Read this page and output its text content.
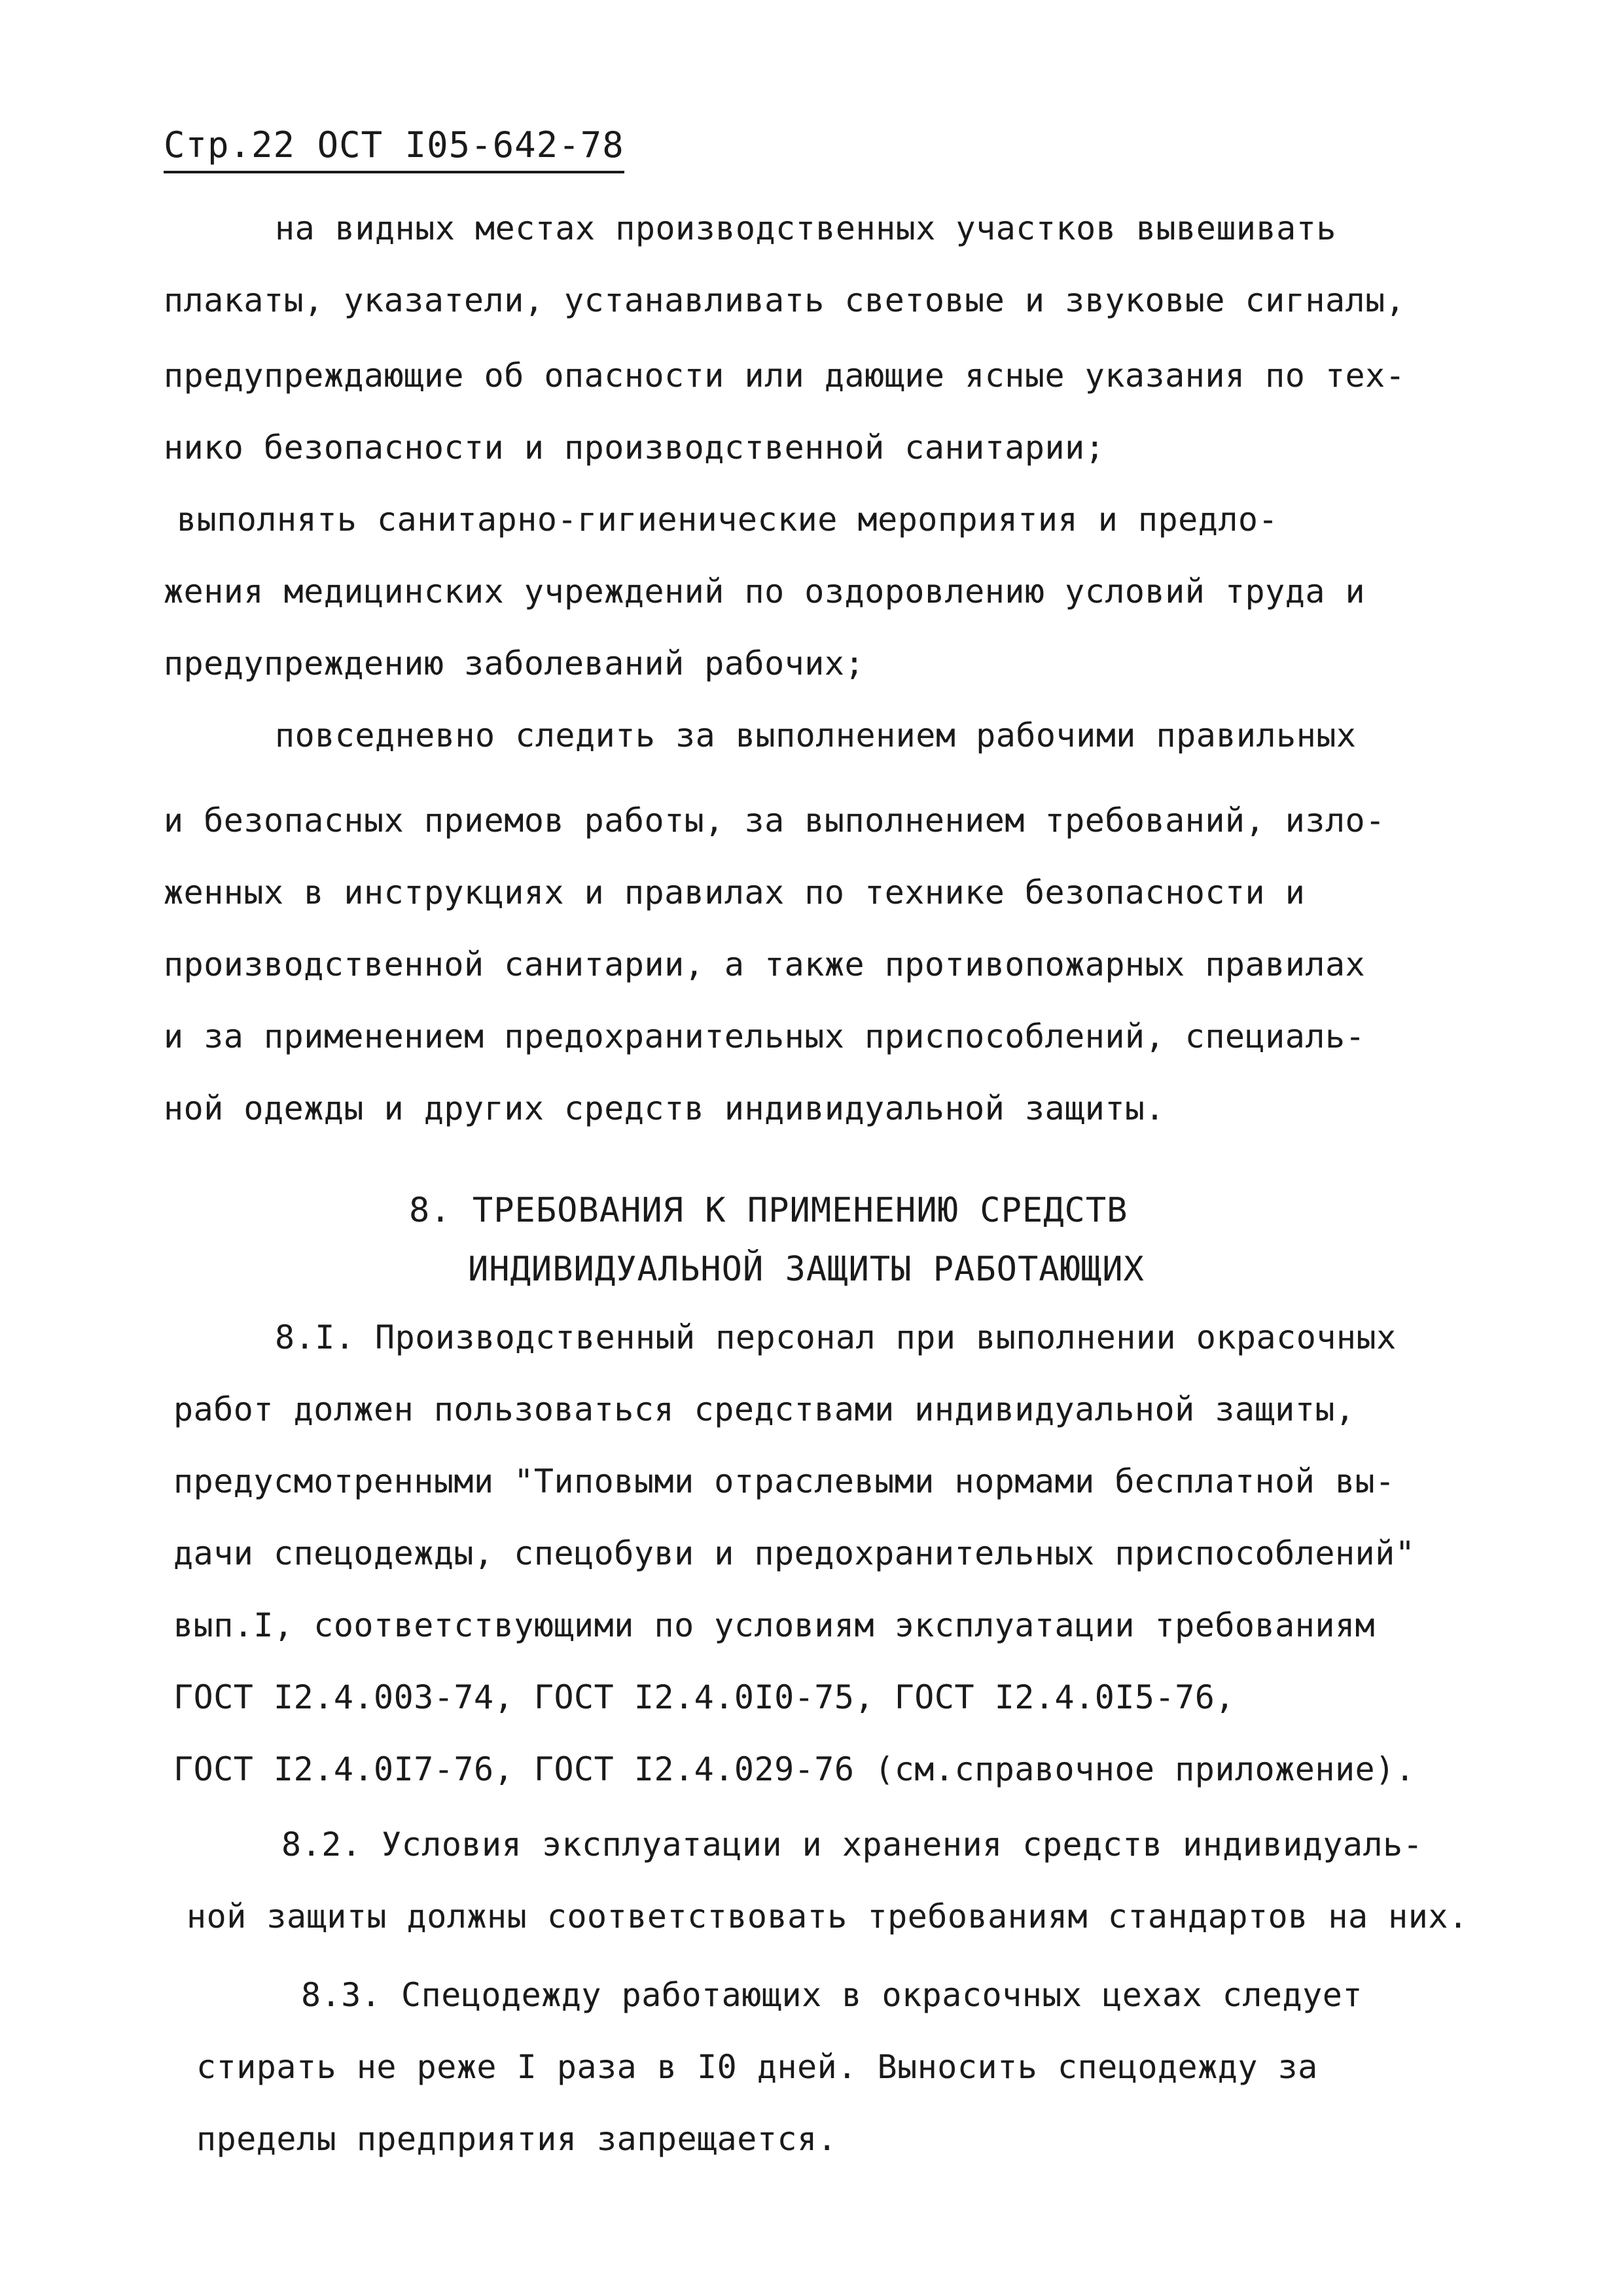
Стр.22 ОСТ I05-642-78
на видных местах производственных участков вывешивать
плакаты, указатели, устанавливать световые и звуковые сигналы,
предупреждающие об опасности или дающие ясные указания по тех-
нико безопасности и производственной санитарии;
выполнять санитарно-гигиенические мероприятия и предло-
жения медицинских учреждений по оздоровлению условий труда и
предупреждению заболеваний рабочих;
повседневно следить за выполнением рабочими правильных
и безопасных приемов работы, за выполнением требований, изло-
женных в инструкциях и правилах по технике безопасности и
производственной санитарии, а также противопожарных правилах
и за применением предохранительных приспособлений, специаль-
ной одежды и других средств индивидуальной защиты.
8. ТРЕБОВАНИЯ К ПРИМЕНЕНИЮ СРЕДСТВ
ИНДИВИДУАЛЬНОЙ ЗАЩИТЫ РАБОТАЮЩИХ
8.I. Производственный персонал при выполнении окрасочных
работ должен пользоваться средствами индивидуальной защиты,
предусмотренными "Типовыми отраслевыми нормами бесплатной вы-
дачи спецодежды, спецобуви и предохранительных приспособлений"
вып.I, соответствующими по условиям эксплуатации требованиям
ГОСТ I2.4.003-74, ГОСТ I2.4.0I0-75, ГОСТ I2.4.0I5-76,
ГОСТ I2.4.0I7-76, ГОСТ I2.4.029-76 (см.справочное приложение).
8.2. Условия эксплуатации и хранения средств индивидуаль-
ной защиты должны соответствовать требованиям стандартов на них.
8.3. Спецодежду работающих в окрасочных цехах следует
стирать не реже I раза в I0 дней. Выносить спецодежду за
пределы предприятия запрещается.
